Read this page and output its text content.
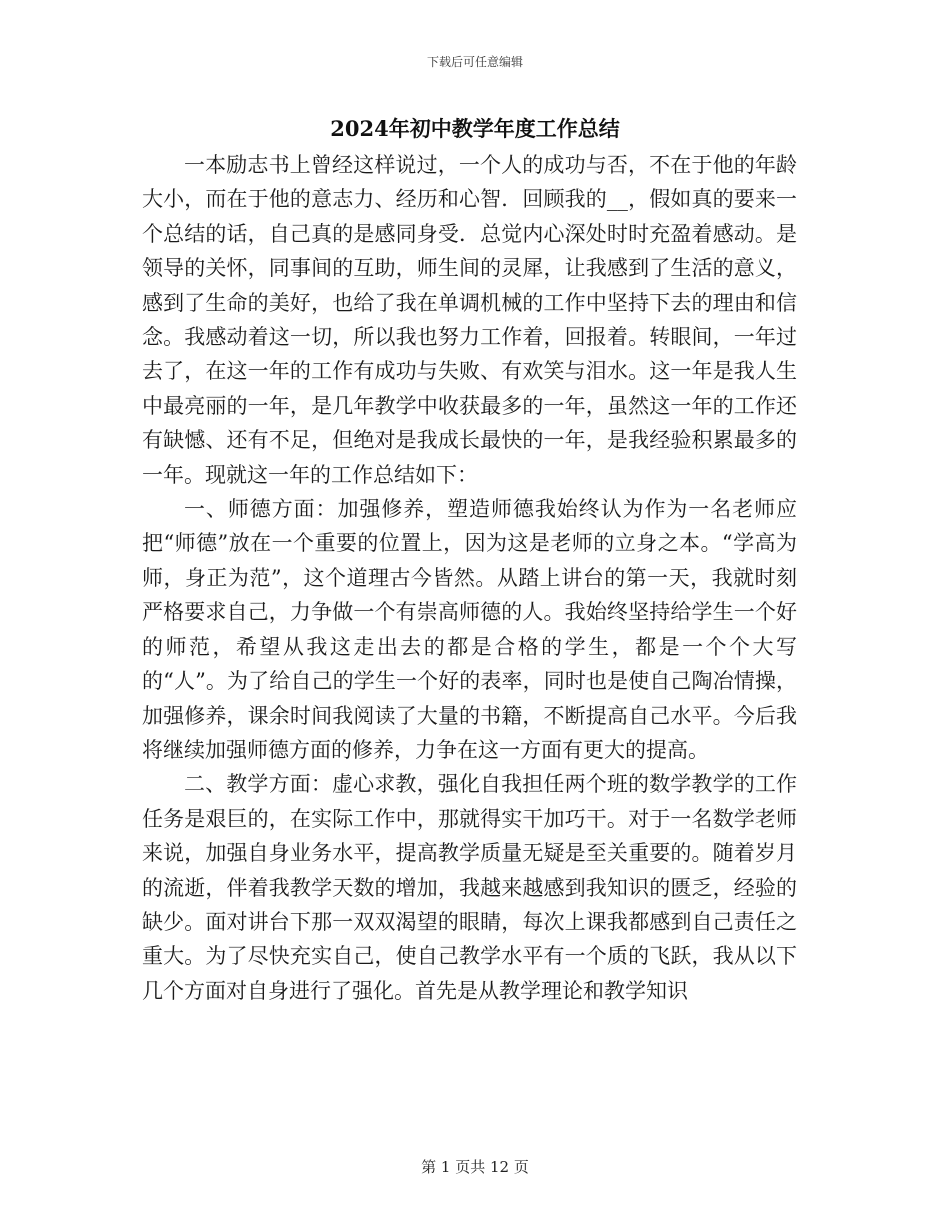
下载后可任意编辑
2024年初中教学年度工作总结

一本励志书上曾经这样说过，一个人的成功与否，不在于他的年龄大小，而在于他的意志力、经历和心智．回顾我的__，假如真的要来一个总结的话，自己真的是感同身受．总觉内心深处时时充盈着感动。是领导的关怀，同事间的互助，师生间的灵犀，让我感到了生活的意义，感到了生命的美好，也给了我在单调机械的工作中坚持下去的理由和信念。我感动着这一切，所以我也努力工作着，回报着。转眼间，一年过去了，在这一年的工作有成功与失败、有欢笑与泪水。这一年是我人生中最亮丽的一年，是几年教学中收获最多的一年，虽然这一年的工作还有缺憾、还有不足，但绝对是我成长最快的一年，是我经验积累最多的一年。现就这一年的工作总结如下：

一、师德方面：加强修养，塑造师德我始终认为作为一名老师应把“师德”放在一个重要的位置上，因为这是老师的立身之本。“学高为师，身正为范”，这个道理古今皆然。从踏上讲台的第一天，我就时刻严格要求自己，力争做一个有崇高师德的人。我始终坚持给学生一个好的师范，希望从我这走出去的都是合格的学生，都是一个个大写的“人”。为了给自己的学生一个好的表率，同时也是使自己陶冶情操，加强修养，课余时间我阅读了大量的书籍，不断提高自己水平。今后我将继续加强师德方面的修养，力争在这一方面有更大的提高。

二、教学方面：虚心求教，强化自我担任两个班的数学教学的工作任务是艰巨的，在实际工作中，那就得实干加巧干。对于一名数学老师来说，加强自身业务水平，提高教学质量无疑是至关重要的。随着岁月的流逝，伴着我教学天数的增加，我越来越感到我知识的匮乏，经验的缺少。面对讲台下那一双双渴望的眼睛，每次上课我都感到自己责任之重大。为了尽快充实自己，使自己教学水平有一个质的飞跃，我从以下几个方面对自身进行了强化。首先是从教学理论和教学知识

第 1 页共 12 页
